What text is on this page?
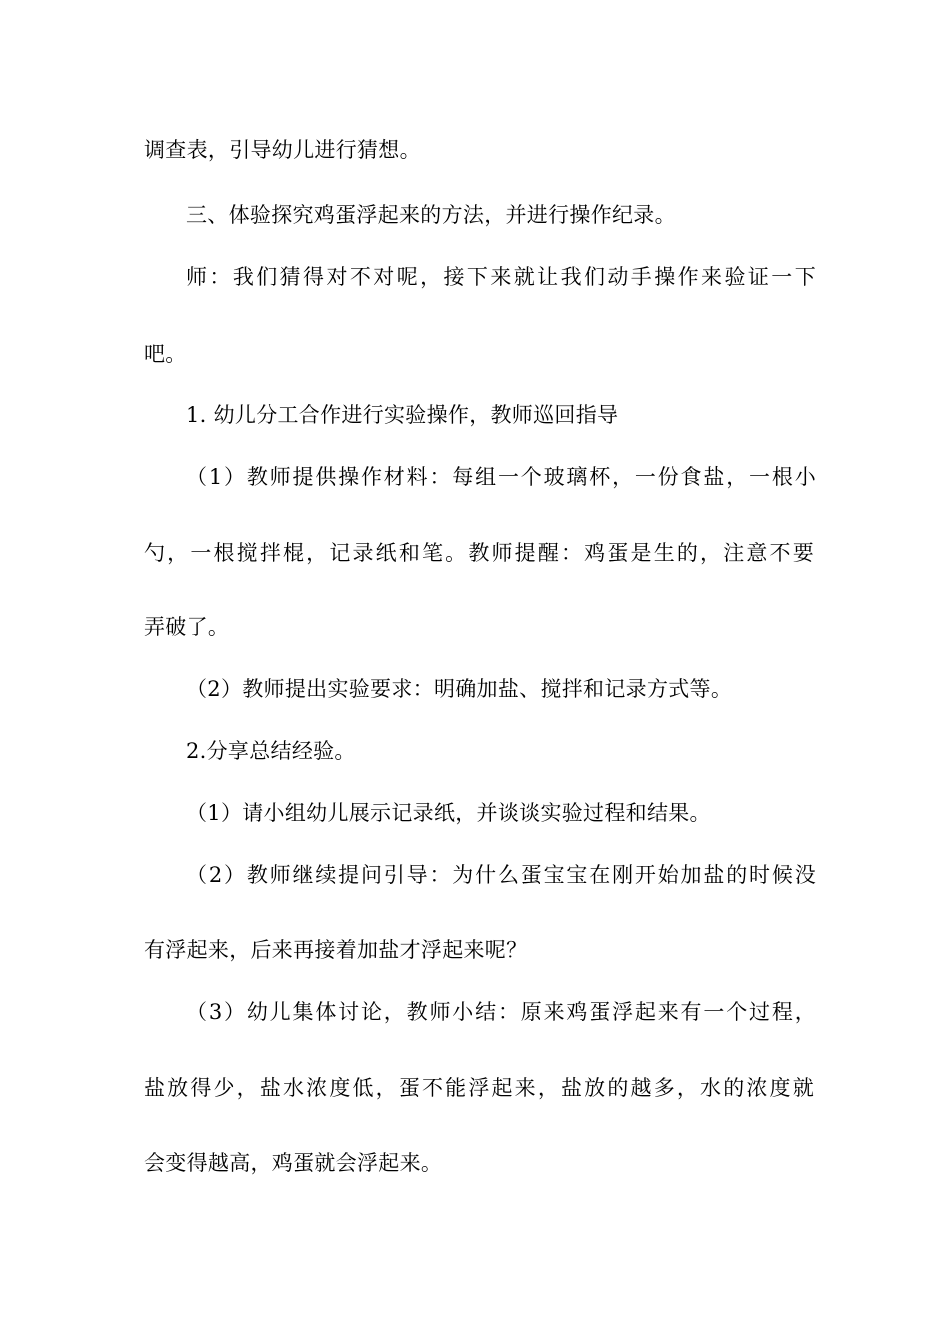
调查表，引导幼儿进行猜想。
三、体验探究鸡蛋浮起来的方法，并进行操作纪录。
师：我们猜得对不对呢，接下来就让我们动手操作来验证一下
吧。
1. 幼儿分工合作进行实验操作，教师巡回指导
（1）教师提供操作材料：每组一个玻璃杯，一份食盐，一根小
勺，一根搅拌棍，记录纸和笔。教师提醒：鸡蛋是生的，注意不要
弄破了。
（2）教师提出实验要求：明确加盐、搅拌和记录方式等。
2.分享总结经验。
（1）请小组幼儿展示记录纸，并谈谈实验过程和结果。
（2）教师继续提问引导：为什么蛋宝宝在刚开始加盐的时候没
有浮起来，后来再接着加盐才浮起来呢？
（3）幼儿集体讨论，教师小结：原来鸡蛋浮起来有一个过程，
盐放得少，盐水浓度低，蛋不能浮起来，盐放的越多，水的浓度就
会变得越高，鸡蛋就会浮起来。
